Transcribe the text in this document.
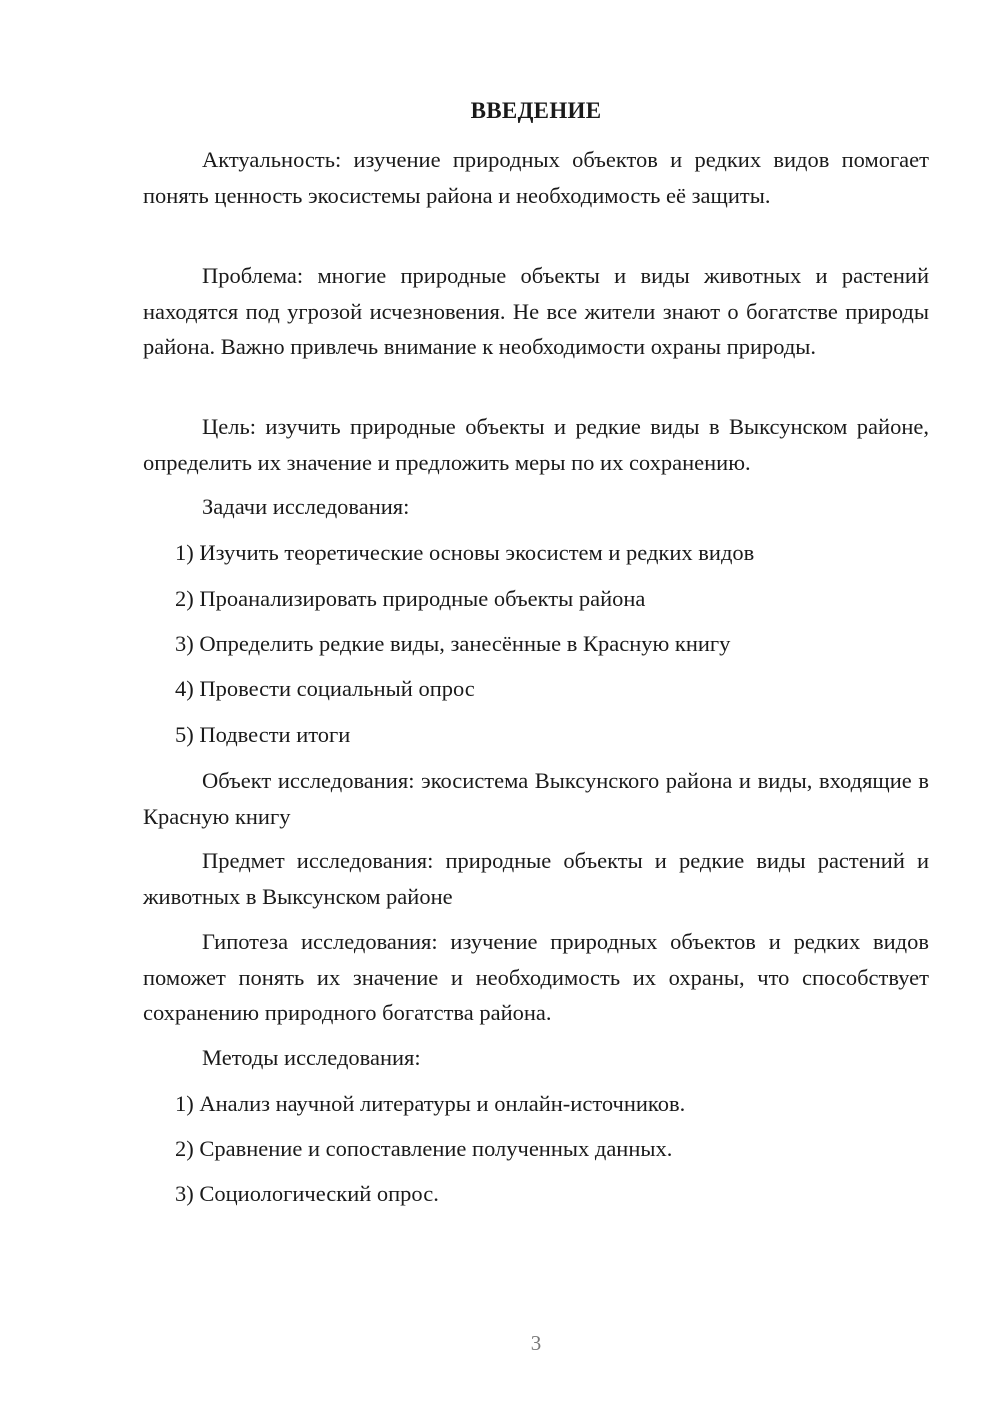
ВВЕДЕНИЕ

Актуальность: изучение природных объектов и редких видов помогает понять ценность экосистемы района и необходимость её защиты.

Проблема: многие природные объекты и виды животных и растений находятся под угрозой исчезновения. Не все жители знают о богатстве природы района. Важно привлечь внимание к необходимости охраны природы.

Цель: изучить природные объекты и редкие виды в Выксунском районе, определить их значение и предложить меры по их сохранению.

Задачи исследования:

1) Изучить теоретические основы экосистем и редких видов

2) Проанализировать природные объекты района

3) Определить редкие виды, занесённые в Красную книгу

4) Провести социальный опрос

5) Подвести итоги

Объект исследования: экосистема Выксунского района и виды, входящие в Красную книгу

Предмет исследования: природные объекты и редкие виды растений и животных в Выксунском районе

Гипотеза исследования: изучение природных объектов и редких видов поможет понять их значение и необходимость их охраны, что способствует сохранению природного богатства района.

Методы исследования:

1) Анализ научной литературы и онлайн-источников.

2) Сравнение и сопоставление полученных данных.

3) Социологический опрос.

3
